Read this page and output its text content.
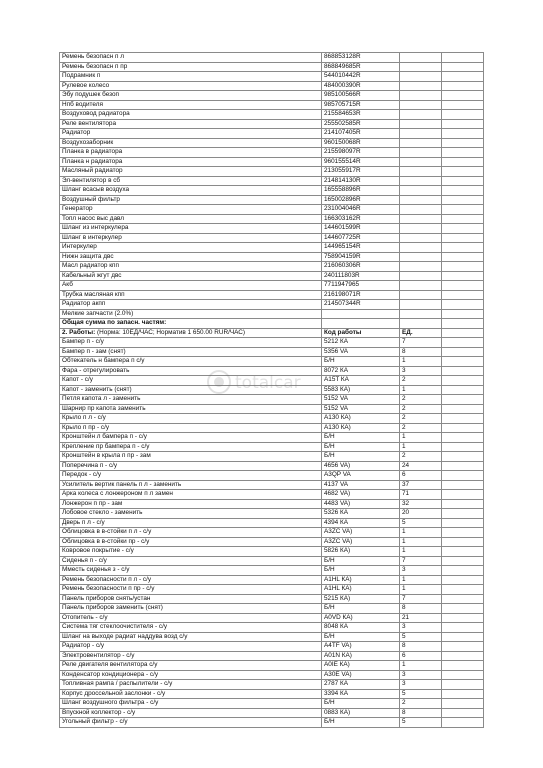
Ремень безопасн п л	868853128R		
Ремень безопасн п пр	868849685R		
Подрамник п	544010442R		
Рулевое колесо	484000390R		
Эбу подушек безоп	985100566R		
Нпб водителя	985705715R		
Воздуховод радиатора	215584653R		
Реле вентилятора	255502585R		
Радиатор	214107405R		
Воздухозаборник	960150068R		
Планка в радиатора	215598097R		
Планка н радиатора	960155514R		
Масляный радиатор	213055917R		
Эл-вентилятор в сб	214814130R		
Шланг всасыв воздуха	165558896R		
Воздушный фильтр	165002896R		
Генератор	231004046R		
Топл насос выс давл	166303162R		
Шланг из интеркулера	144601599R		
Шланг в интеркулер	144607725R		
Интеркулер	144965154R		
Нижн защита двс	758904159R		
Масл радиатор кпп	216060306R		
Кабельный жгут двс	240111803R		
Акб	7711947965		
Трубка масляная кпп	216198071R		
Радиатор акпп	214507344R		
Мелкие запчасти (2.0%)			
Общая сумма по запасн. частям:			
2. Работы: (Норма: 10ЕД/ЧАС; Норматив 1 650.00 RUR/ЧАС)	Код работы	ЕД.	
Бампер п - с/у	5212 КА	7	
Бампер п - зам (снят)	5356 VA	8	
Обтекатель н бампера п с/у	Б/Н	1	
Фара - отрегулировать	8072 КА	3	
Капот - с/у	A15T КА	2	
Капот - заменить (снят)	5583 КА)	1	
Петля капота л - заменить	5152 VA	2	
Шарнир пр капота заменить	5152 VA	2	
Крыло п л - с/у	A130 КА)	2	
Крыло п пр - с/у	A130 КА)	2	
Кронштейн л бампера п - с/у	Б/Н	1	
Крепление пр бампера п - с/у	Б/Н	1	
Кронштейн в крыла п пр - зам	Б/Н	2	
Поперечина п - с/у	4656 VA)	24	
Передок - с/у	A3QP VA	6	
Усилитель вертик панель п л - заменить	4137 VA	37	
Арка колеса с лонжероном п л замен	4682 VA)	71	
Лонжерон п пр - зам	4483 VA)	32	
Лобовое стекло - заменить	5326 КА	20	
Дверь п л - с/у	4394 КА	5	
Облицовка в в-стойки п л - с/у	A3ZC VA)	1	
Облицовка в в-стойки пр - с/у	A3ZC VA)	1	
Ковровое покрытие - с/у	5826 КА)	1	
Сиденья п - с/у	Б/Н	7	
Мместь сиденья з - с/у	Б/Н	3	
Ремень безопасности п л - с/у	A1HL КА)	1	
Ремень безопасности п пр - с/у	A1HL КА)	1	
Панель приборов снять/устан	5215 КА)	7	
Панель приборов заменить (снят)	Б/Н	8	
Отопитель - с/у	A0VD КА)	21	
Система тяг стеклоочистителя - с/у	8048 КА	3	
Шланг на выходе радиат наддува возд с/у	Б/Н	5	
Радиатор - с/у	A4TF VA)	8	
Электровентилятор - с/у	A01N КА)	6	
Реле двигателя вентилятора с/у	A0IE КА)	1	
Конденсатор кондиционера - с/у	A30E VA)	3	
Топливная рампа / распылители - с/у	2787 КА	3	
Корпус дроссельной заслонки - с/у	3394 КА	5	
Шланг воздушного фильтра - с/у	Б/Н	2	
Впускной коллектор - с/у	0883 КА)	8	
Угольный фильтр - с/у	Б/Н	5	
totalcar
